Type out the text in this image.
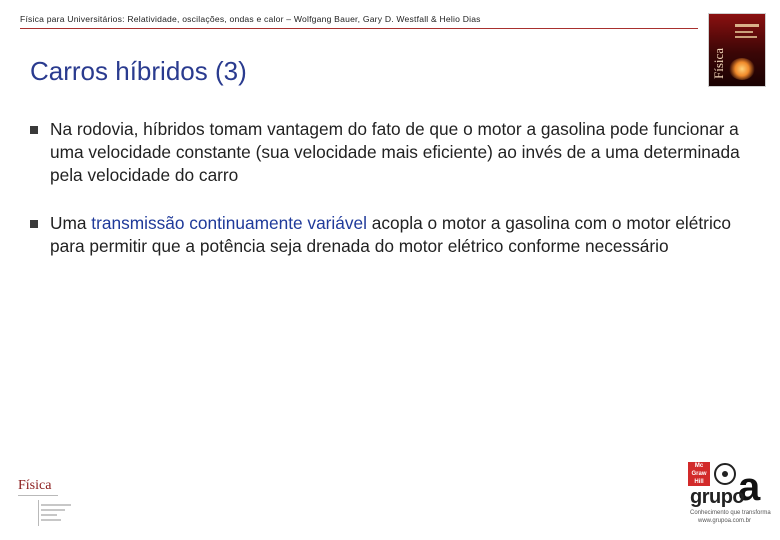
Física para Universitários: Relatividade, oscilações, ondas e calor – Wolfgang Bauer, Gary D. Westfall & Helio Dias
Física
Carros híbridos (3)
Na rodovia, híbridos tomam vantagem do fato de que o motor a gasolina pode funcionar a uma velocidade constante (sua velocidade mais eficiente) ao invés de a uma determinada pela velocidade do carro
Uma transmissão continuamente variável acopla o motor a gasolina com o motor elétrico para permitir que a potência seja drenada do motor elétrico conforme necessário
Física
Mc Graw Hill a
grupo
Conhecimento que transforma
www.grupoa.com.br
